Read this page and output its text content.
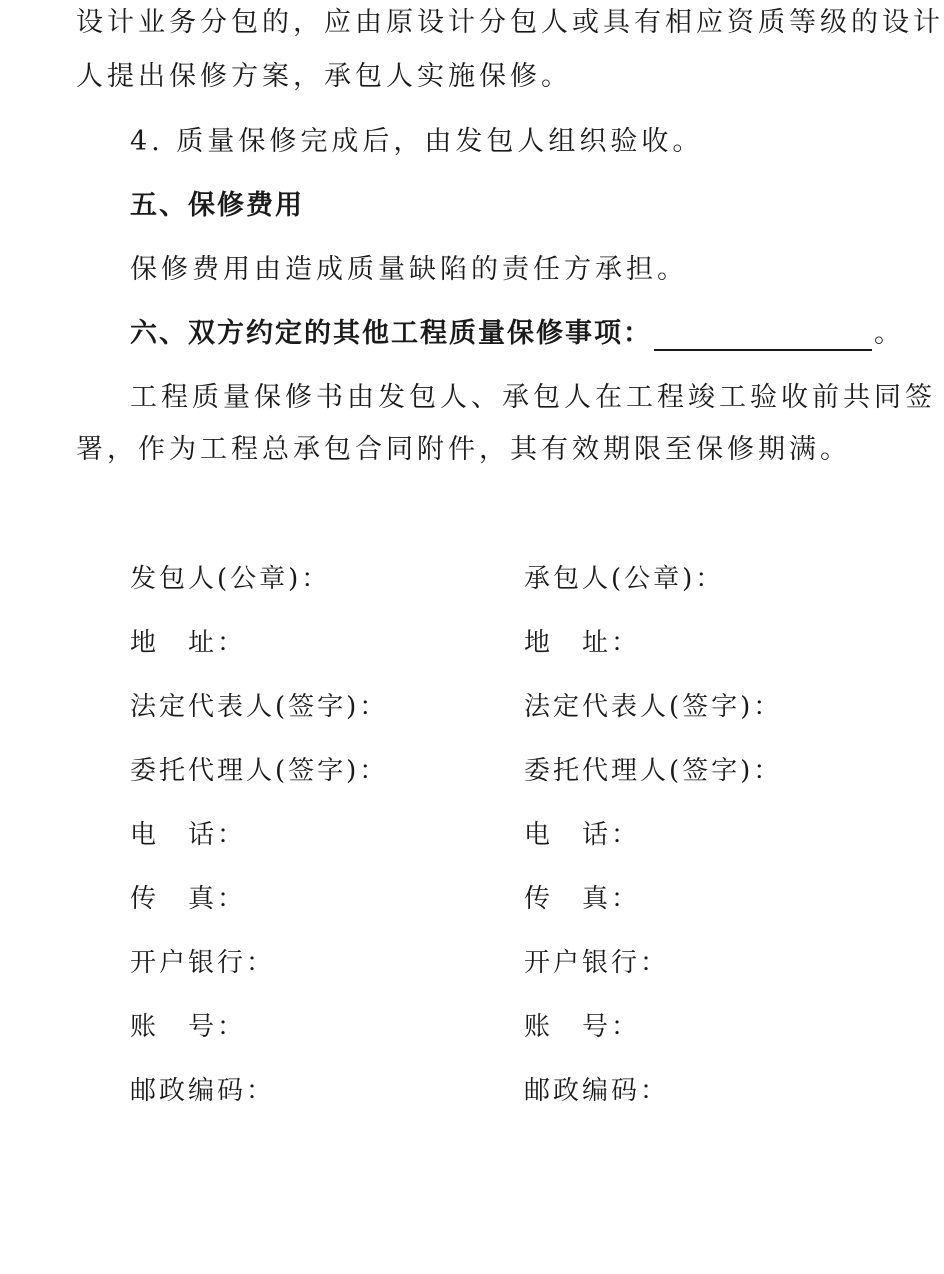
设计业务分包的，应由原设计分包人或具有相应资质等级的设计
人提出保修方案，承包人实施保修。
4. 质量保修完成后，由发包人组织验收。
五、保修费用
保修费用由造成质量缺陷的责任方承担。
六、双方约定的其他工程质量保修事项：	。
工程质量保修书由发包人、承包人在工程竣工验收前共同签
署，作为工程总承包合同附件，其有效期限至保修期满。
发包人(公章)：
地　址：
法定代表人(签字)：
委托代理人(签字)：
电　话：
传　真：
开户银行：
账　号：
邮政编码：
承包人(公章)：
地　址：
法定代表人(签字)：
委托代理人(签字)：
电　话：
传　真：
开户银行：
账　号：
邮政编码：
